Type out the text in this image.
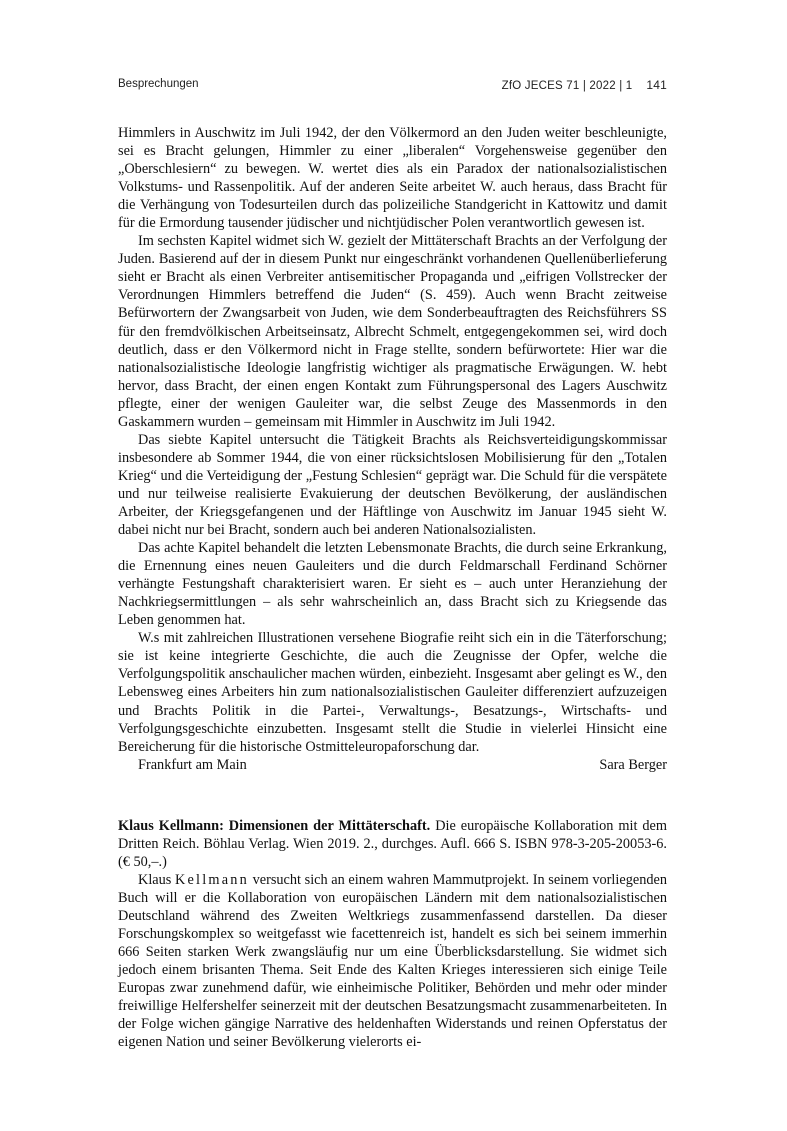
Besprechungen	ZfO JECES 71 | 2022 | 1 141

Himmlers in Auschwitz im Juli 1942, der den Völkermord an den Juden weiter beschleunigte, sei es Bracht gelungen, Himmler zu einer „liberalen“ Vorgehensweise gegenüber den „Oberschlesiern“ zu bewegen. W. wertet dies als ein Paradox der nationalsozialistischen Volkstums- und Rassenpolitik. Auf der anderen Seite arbeitet W. auch heraus, dass Bracht für die Verhängung von Todesurteilen durch das polizeiliche Standgericht in Kattowitz und damit für die Ermordung tausender jüdischer und nichtjüdischer Polen verantwortlich gewesen ist.

Im sechsten Kapitel widmet sich W. gezielt der Mittäterschaft Brachts an der Verfolgung der Juden. Basierend auf der in diesem Punkt nur eingeschränkt vorhandenen Quellenüberlieferung sieht er Bracht als einen Verbreiter antisemitischer Propaganda und „eifrigen Vollstrecker der Verordnungen Himmlers betreffend die Juden“ (S. 459). Auch wenn Bracht zeitweise Befürwortern der Zwangsarbeit von Juden, wie dem Sonderbeauftragten des Reichsführers SS für den fremdvölkischen Arbeitseinsatz, Albrecht Schmelt, entgegengekommen sei, wird doch deutlich, dass er den Völkermord nicht in Frage stellte, sondern befürwortete: Hier war die nationalsozialistische Ideologie langfristig wichtiger als pragmatische Erwägungen. W. hebt hervor, dass Bracht, der einen engen Kontakt zum Führungspersonal des Lagers Auschwitz pflegte, einer der wenigen Gauleiter war, die selbst Zeuge des Massenmords in den Gaskammern wurden – gemeinsam mit Himmler in Auschwitz im Juli 1942.

Das siebte Kapitel untersucht die Tätigkeit Brachts als Reichsverteidigungskommissar insbesondere ab Sommer 1944, die von einer rücksichtslosen Mobilisierung für den „Totalen Krieg“ und die Verteidigung der „Festung Schlesien“ geprägt war. Die Schuld für die verspätete und nur teilweise realisierte Evakuierung der deutschen Bevölkerung, der ausländischen Arbeiter, der Kriegsgefangenen und der Häftlinge von Auschwitz im Januar 1945 sieht W. dabei nicht nur bei Bracht, sondern auch bei anderen Nationalsozialisten.

Das achte Kapitel behandelt die letzten Lebensmonate Brachts, die durch seine Erkrankung, die Ernennung eines neuen Gauleiters und die durch Feldmarschall Ferdinand Schörner verhängte Festungshaft charakterisiert waren. Er sieht es – auch unter Heranziehung der Nachkriegsermittlungen – als sehr wahrscheinlich an, dass Bracht sich zu Kriegsende das Leben genommen hat.

W.s mit zahlreichen Illustrationen versehene Biografie reiht sich ein in die Täterforschung; sie ist keine integrierte Geschichte, die auch die Zeugnisse der Opfer, welche die Verfolgungspolitik anschaulicher machen würden, einbezieht. Insgesamt aber gelingt es W., den Lebensweg eines Arbeiters hin zum nationalsozialistischen Gauleiter differenziert aufzuzeigen und Brachts Politik in die Partei-, Verwaltungs-, Besatzungs-, Wirtschafts- und Verfolgungsgeschichte einzubetten. Insgesamt stellt die Studie in vielerlei Hinsicht eine Bereicherung für die historische Ostmitteleuropaforschung dar.

Frankfurt am Main	Sara Berger

Klaus Kellmann: Dimensionen der Mittäterschaft. Die europäische Kollaboration mit dem Dritten Reich. Böhlau Verlag. Wien 2019. 2., durchges. Aufl. 666 S. ISBN 978-3-205-20053-6. (€ 50,–.)

Klaus Kellmann versucht sich an einem wahren Mammutprojekt. In seinem vorliegenden Buch will er die Kollaboration von europäischen Ländern mit dem nationalsozialistischen Deutschland während des Zweiten Weltkriegs zusammenfassend darstellen. Da dieser Forschungskomplex so weitgefasst wie facettenreich ist, handelt es sich bei seinem immerhin 666 Seiten starken Werk zwangsläufig nur um eine Überblicksdarstellung. Sie widmet sich jedoch einem brisanten Thema. Seit Ende des Kalten Krieges interessieren sich einige Teile Europas zwar zunehmend dafür, wie einheimische Politiker, Behörden und mehr oder minder freiwillige Helfershelfer seinerzeit mit der deutschen Besatzungsmacht zusammenarbeiteten. In der Folge wichen gängige Narrative des heldenhaften Widerstands und reinen Opferstatus der eigenen Nation und seiner Bevölkerung vielerorts ei-
